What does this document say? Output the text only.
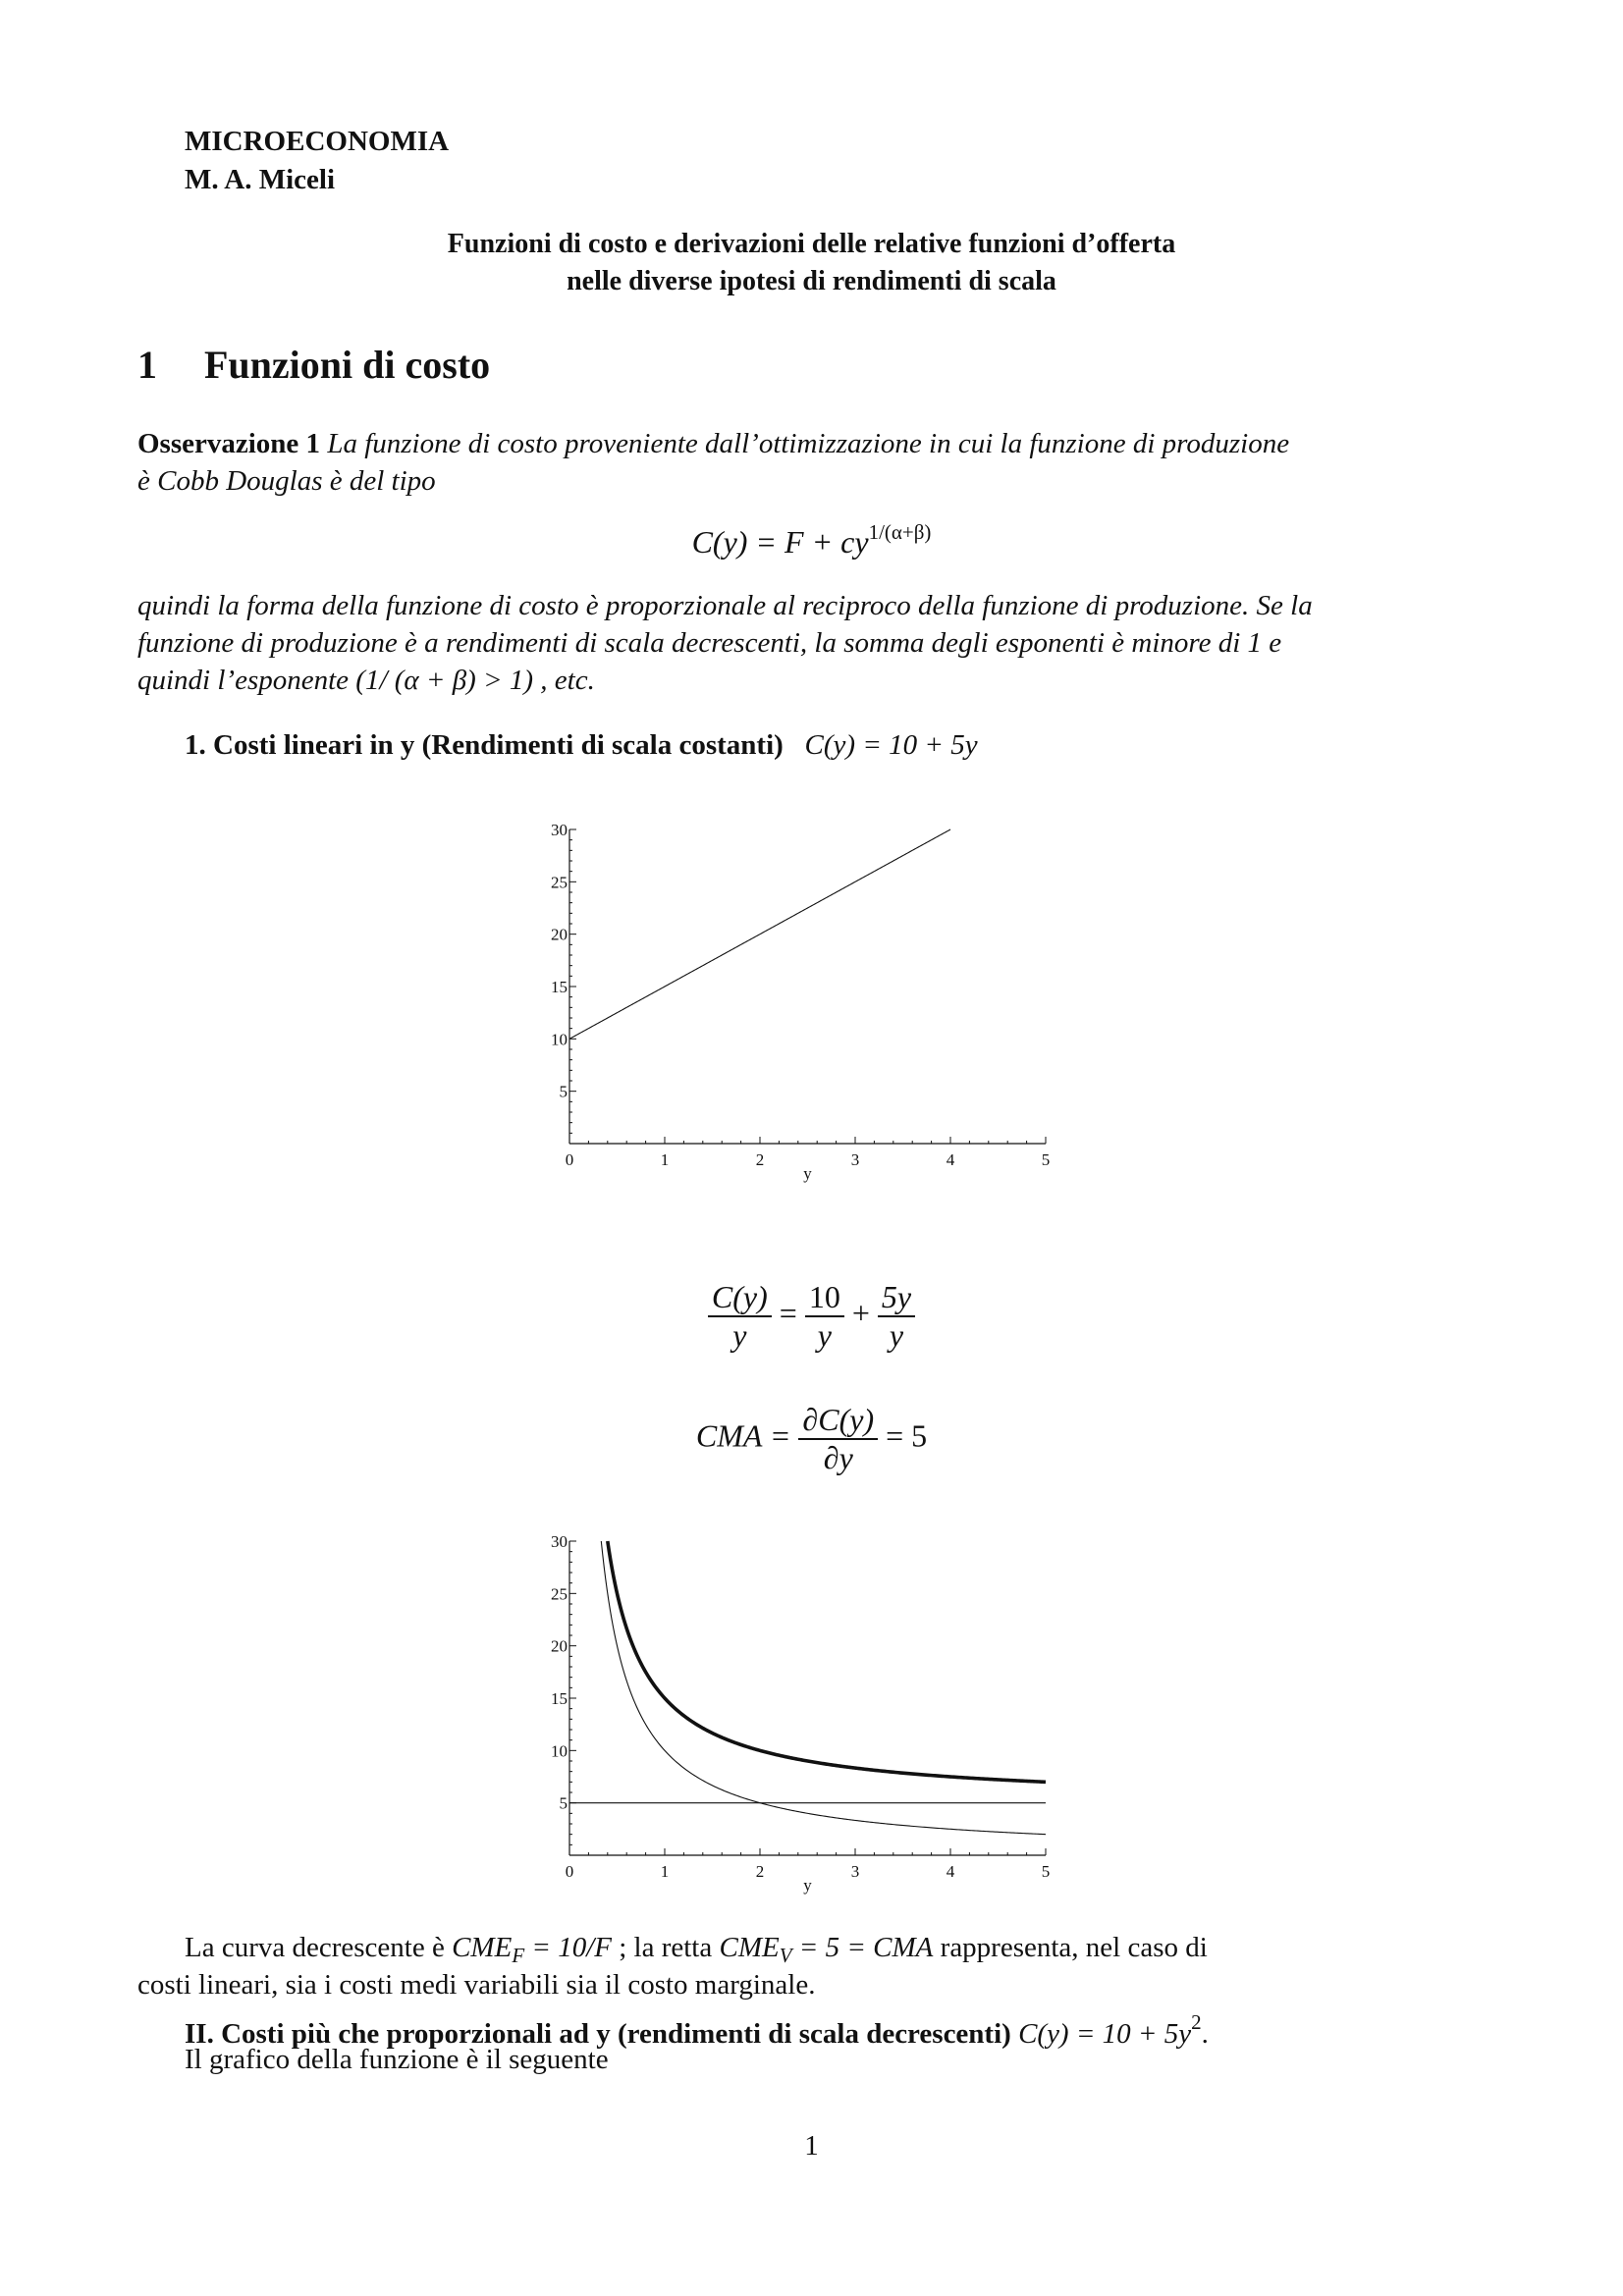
MICROECONOMIA
M. A. Miceli
Funzioni di costo e derivazioni delle relative funzioni d’offerta
nelle diverse ipotesi di rendimenti di scala
1 Funzioni di costo
Osservazione 1 La funzione di costo proveniente dall’ottimizzazione in cui la funzione di produzione
è Cobb Douglas è del tipo
$C(y) = F + cy^{1/(\alpha+\beta)}$
quindi la forma della funzione di costo è proporzionale al reciproco della funzione di produzione. Se la
funzione di produzione è a rendimenti di scala decrescenti, la somma degli esponenti è minore di 1 e
quindi l’esponente (1/ (α + β) > 1) , etc.
1. Costi lineari in y (Rendimenti di scala costanti) C(y) = 10 + 5y
0	1	2	3	4	5
5
10
15
20
25
30
y
$\frac{C(y)}{y} = \frac{10}{y} + \frac{5y}{y}$
CMA = $\frac{\partial C(y)}{\partial y} = 5$
0	1	2	3	4	5
5
10
15
20
25
30
y
La curva decrescente è $CME_F = 10/F$ ; la retta $CME_V = 5$ = CMA rappresenta, nel caso di
costi lineari, sia i costi medi variabili sia il costo marginale.
II. Costi più che proporzionali ad y (rendimenti di scala decrescenti) $C(y) = 10 + 5y^2$.
Il grafico della funzione è il seguente
1
